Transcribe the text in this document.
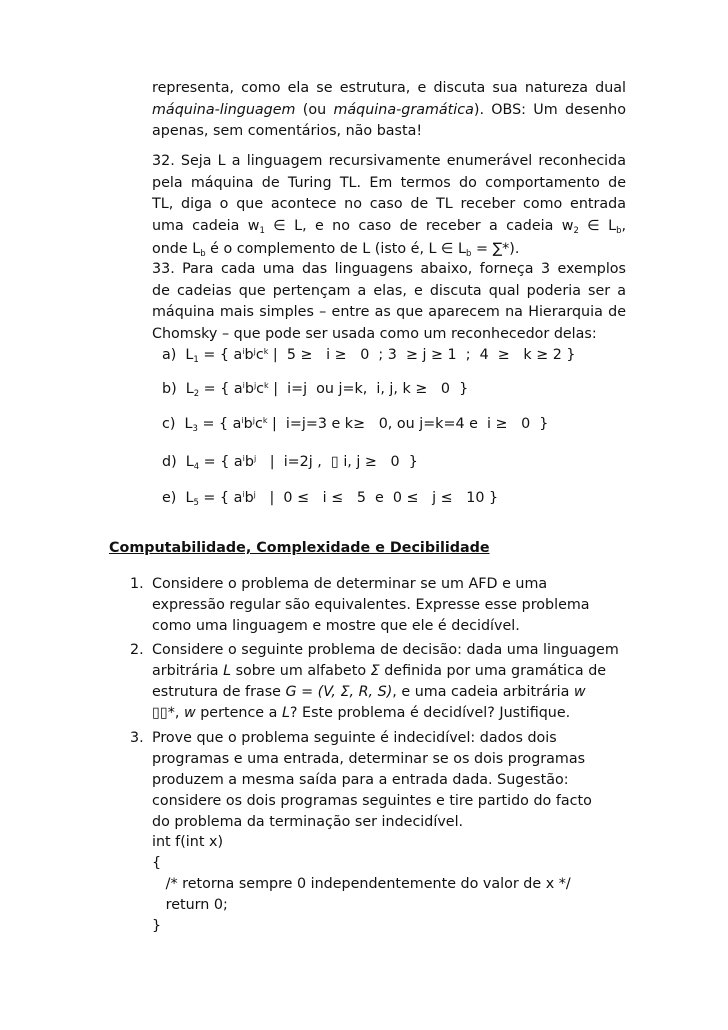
representa, como ela se estrutura, e discuta sua natureza dual
máquina-linguagem (ou máquina-gramática). OBS: Um desenho
apenas, sem comentários, não basta!
32. Seja L a linguagem recursivamente enumerável reconhecida
pela máquina de Turing TL. Em termos do comportamento de
TL, diga o que acontece no caso de TL receber como entrada
uma cadeia $w_1$ ∈ L, e no caso de receber a cadeia $w_2$ ∈ $L_b$,
onde $L_b$ é o complemento de L (isto é, L ∈ $L_b$ = ∑*).
33. Para cada uma das linguagens abaixo, forneça 3 exemplos
de cadeias que pertençam a elas, e discuta qual poderia ser a
máquina mais simples – entre as que aparecem na Hierarquia de
Chomsky – que pode ser usada como um reconhecedor delas:
a)  $L_1$ = { $a^ib^jc^k$ |  5 ≥   i ≥   0  ; 3  ≥ j ≥ 1  ;  4  ≥   k ≥ 2 }
b)  $L_2$ = { $a^ib^jc^k$ |  i=j  ou j=k,  i, j, k ≥   0  }
c)  $L_3$ = { $a^ib^jc^k$ |  i=j=3 e k≥   0, ou j=k=4 e  i ≥   0  }
d)  $L_4$ = { $a^ib^j$   |  i=2j ,  ▯ i, j ≥   0  }
e)  $L_5$ = { $a^ib^j$   |  0 ≤   i ≤   5  e  0 ≤   j ≤   10 }
Computabilidade, Complexidade e Decibilidade
1. Considere o problema de determinar se um AFD e uma
expressão regular são equivalentes. Expresse esse problema
como uma linguagem e mostre que ele é decidível.
2. Considere o seguinte problema de decisão: dada uma linguagem
arbitrária L sobre um alfabeto Σ definida por uma gramática de
estrutura de frase G = (V, Σ, R, S), e uma cadeia arbitrária w
▯▯*, w pertence a L? Este problema é decidível? Justifique.
3. Prove que o problema seguinte é indecidível: dados dois
programas e uma entrada, determinar se os dois programas
produzem a mesma saída para a entrada dada. Sugestão:
considere os dois programas seguintes e tire partido do facto
do problema da terminação ser indecidível.
int f(int x)
{
/* retorna sempre 0 independentemente do valor de x */
return 0;
}
